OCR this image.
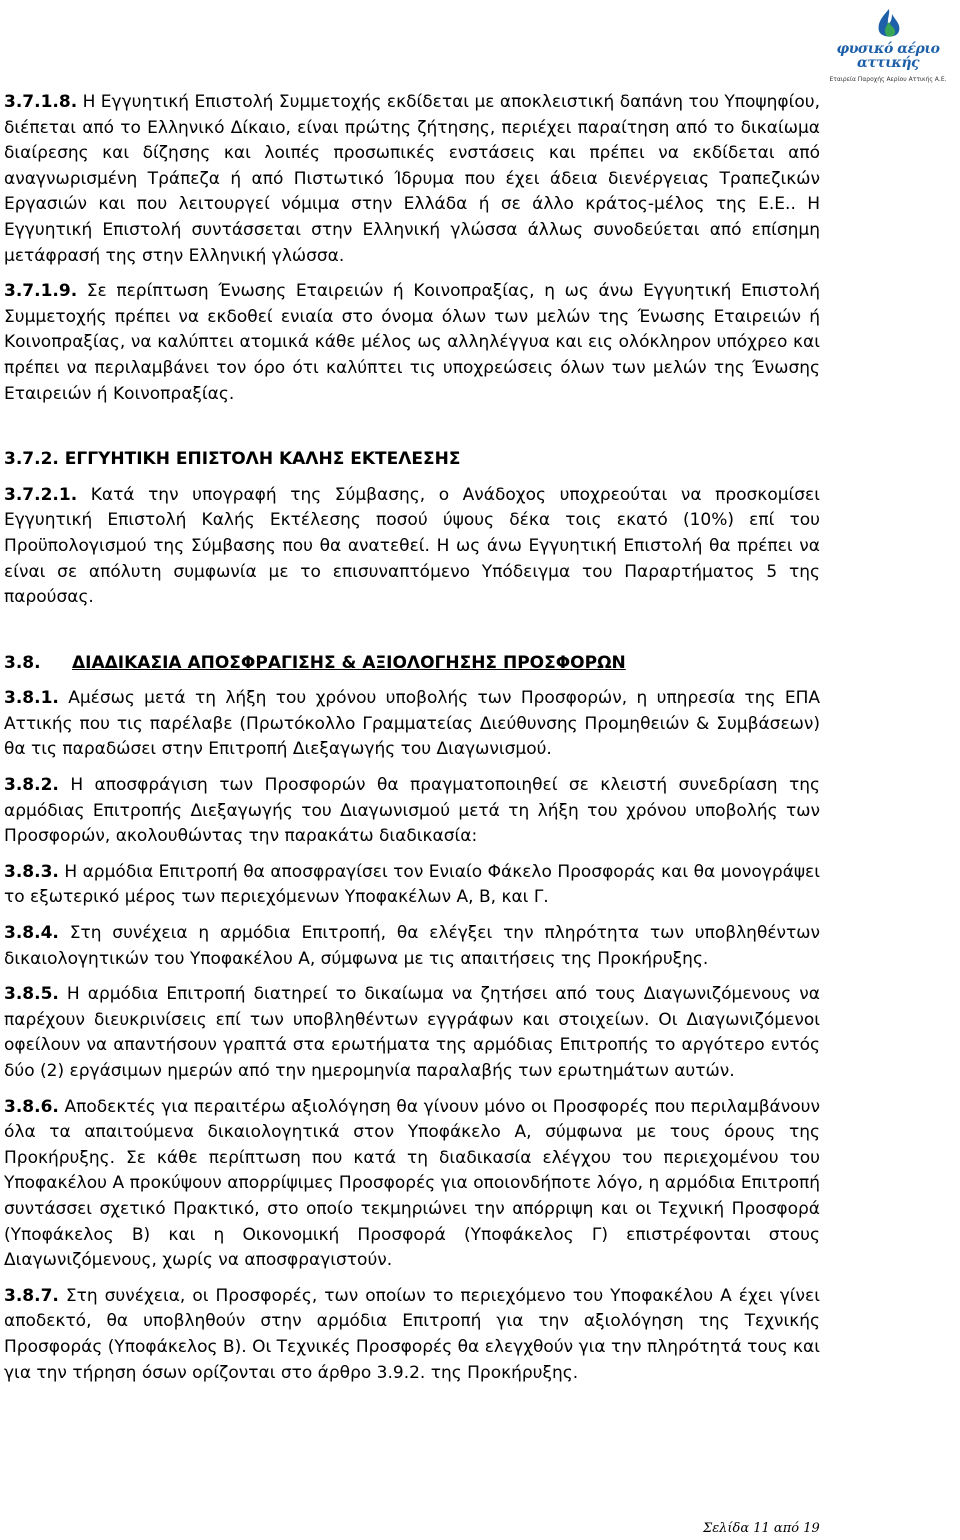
φυσικό αέριο
αττικής
Εταιρεία Παροχής Αερίου Αττικής Α.Ε.

3.7.1.8. Η Εγγυητική Επιστολή Συμμετοχής εκδίδεται με αποκλειστική δαπάνη του Υποψηφίου, διέπεται από το Ελληνικό Δίκαιο, είναι πρώτης ζήτησης, περιέχει παραίτηση από το δικαίωμα διαίρεσης και δίζησης και λοιπές προσωπικές ενστάσεις και πρέπει να εκδίδεται από αναγνωρισμένη Τράπεζα ή από Πιστωτικό Ίδρυμα που έχει άδεια διενέργειας Τραπεζικών Εργασιών και που λειτουργεί νόμιμα στην Ελλάδα ή σε άλλο κράτος-μέλος της Ε.Ε.. Η Εγγυητική Επιστολή συντάσσεται στην Ελληνική γλώσσα άλλως συνοδεύεται από επίσημη μετάφρασή της στην Ελληνική γλώσσα.

3.7.1.9. Σε περίπτωση Ένωσης Εταιρειών ή Κοινοπραξίας, η ως άνω Εγγυητική Επιστολή Συμμετοχής πρέπει να εκδοθεί ενιαία στο όνομα όλων των μελών της Ένωσης Εταιρειών ή Κοινοπραξίας, να καλύπτει ατομικά κάθε μέλος ως αλληλέγγυα και εις ολόκληρον υπόχρεο και πρέπει να περιλαμβάνει τον όρο ότι καλύπτει τις υποχρεώσεις όλων των μελών της Ένωσης Εταιρειών ή Κοινοπραξίας.

3.7.2. ΕΓΓΥΗΤΙΚΗ ΕΠΙΣΤΟΛΗ ΚΑΛΗΣ ΕΚΤΕΛΕΣΗΣ

3.7.2.1. Κατά την υπογραφή της Σύμβασης, ο Ανάδοχος υποχρεούται να προσκομίσει Εγγυητική Επιστολή Καλής Εκτέλεσης ποσού ύψους δέκα τοις εκατό (10%) επί του Προϋπολογισμού της Σύμβασης που θα ανατεθεί. Η ως άνω Εγγυητική Επιστολή θα πρέπει να είναι σε απόλυτη συμφωνία με το επισυναπτόμενο Υπόδειγμα του Παραρτήματος 5 της παρούσας.

3.8. ΔΙΑΔΙΚΑΣΙΑ ΑΠΟΣΦΡΑΓΙΣΗΣ & ΑΞΙΟΛΟΓΗΣΗΣ ΠΡΟΣΦΟΡΩΝ

3.8.1. Αμέσως μετά τη λήξη του χρόνου υποβολής των Προσφορών, η υπηρεσία της ΕΠΑ Αττικής που τις παρέλαβε (Πρωτόκολλο Γραμματείας Διεύθυνσης Προμηθειών & Συμβάσεων) θα τις παραδώσει στην Επιτροπή Διεξαγωγής του Διαγωνισμού.

3.8.2. Η αποσφράγιση των Προσφορών θα πραγματοποιηθεί σε κλειστή συνεδρίαση της αρμόδιας Επιτροπής Διεξαγωγής του Διαγωνισμού μετά τη λήξη του χρόνου υποβολής των Προσφορών, ακολουθώντας την παρακάτω διαδικασία:

3.8.3. Η αρμόδια Επιτροπή θα αποσφραγίσει τον Ενιαίο Φάκελο Προσφοράς και θα μονογράψει το εξωτερικό μέρος των περιεχόμενων Υποφακέλων Α, Β, και Γ.

3.8.4. Στη συνέχεια η αρμόδια Επιτροπή, θα ελέγξει την πληρότητα των υποβληθέντων δικαιολογητικών του Υποφακέλου Α, σύμφωνα με τις απαιτήσεις της Προκήρυξης.

3.8.5. Η αρμόδια Επιτροπή διατηρεί το δικαίωμα να ζητήσει από τους Διαγωνιζόμενους να παρέχουν διευκρινίσεις επί των υποβληθέντων εγγράφων και στοιχείων. Οι Διαγωνιζόμενοι οφείλουν να απαντήσουν γραπτά στα ερωτήματα της αρμόδιας Επιτροπής το αργότερο εντός δύο (2) εργάσιμων ημερών από την ημερομηνία παραλαβής των ερωτημάτων αυτών.

3.8.6. Αποδεκτές για περαιτέρω αξιολόγηση θα γίνουν μόνο οι Προσφορές που περιλαμβάνουν όλα τα απαιτούμενα δικαιολογητικά στον Υποφάκελο Α, σύμφωνα με τους όρους της Προκήρυξης. Σε κάθε περίπτωση που κατά τη διαδικασία ελέγχου του περιεχομένου του Υποφακέλου Α προκύψουν απορρίψιμες Προσφορές για οποιονδήποτε λόγο, η αρμόδια Επιτροπή συντάσσει σχετικό Πρακτικό, στο οποίο τεκμηριώνει την απόρριψη και οι Τεχνική Προσφορά (Υποφάκελος Β) και η Οικονομική Προσφορά (Υποφάκελος Γ) επιστρέφονται στους Διαγωνιζόμενους, χωρίς να αποσφραγιστούν.

3.8.7. Στη συνέχεια, οι Προσφορές, των οποίων το περιεχόμενο του Υποφακέλου Α έχει γίνει αποδεκτό, θα υποβληθούν στην αρμόδια Επιτροπή για την αξιολόγηση της Τεχνικής Προσφοράς (Υποφάκελος Β). Οι Τεχνικές Προσφορές θα ελεγχθούν για την πληρότητά τους και για την τήρηση όσων ορίζονται στο άρθρο 3.9.2. της Προκήρυξης.

Σελίδα 11 από 19
